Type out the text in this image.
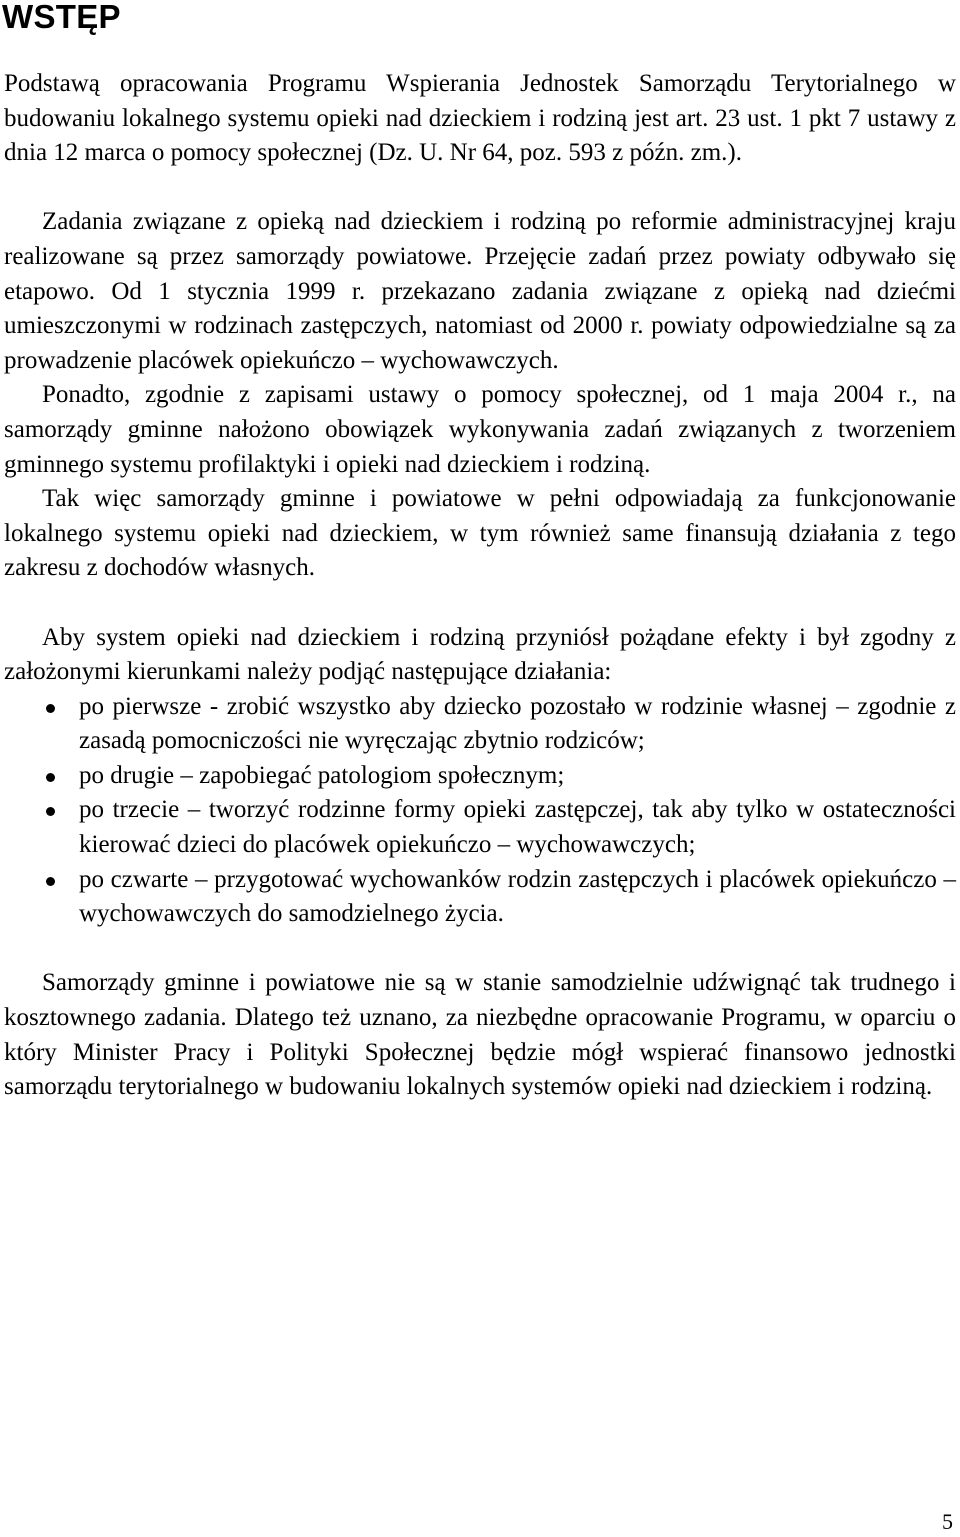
WSTĘP

Podstawą opracowania Programu Wspierania Jednostek Samorządu Terytorialnego w budowaniu lokalnego systemu opieki nad dzieckiem i rodziną jest art. 23 ust. 1 pkt 7 ustawy z dnia 12 marca o pomocy społecznej (Dz. U. Nr 64, poz. 593 z późn. zm.).

Zadania związane z opieką nad dzieckiem i rodziną po reformie administracyjnej kraju realizowane są przez samorządy powiatowe. Przejęcie zadań przez powiaty odbywało się etapowo. Od 1 stycznia 1999 r. przekazano zadania związane z opieką nad dziećmi umieszczonymi w rodzinach zastępczych, natomiast od 2000 r. powiaty odpowiedzialne są za prowadzenie placówek opiekuńczo – wychowawczych.

Ponadto, zgodnie z zapisami ustawy o pomocy społecznej, od 1 maja 2004 r., na samorządy gminne nałożono obowiązek wykonywania zadań związanych z tworzeniem gminnego systemu profilaktyki i opieki nad dzieckiem i rodziną.

Tak więc samorządy gminne i powiatowe w pełni odpowiadają za funkcjonowanie lokalnego systemu opieki nad dzieckiem, w tym również same finansują działania z tego zakresu z dochodów własnych.

Aby system opieki nad dzieckiem i rodziną przyniósł pożądane efekty i był zgodny z założonymi kierunkami należy podjąć następujące działania:

po pierwsze - zrobić wszystko aby dziecko pozostało w rodzinie własnej – zgodnie z zasadą pomocniczości nie wyręczając zbytnio rodziców;
po drugie – zapobiegać patologiom społecznym;
po trzecie – tworzyć rodzinne formy opieki zastępczej, tak aby tylko w ostateczności kierować dzieci do placówek opiekuńczo – wychowawczych;
po czwarte – przygotować wychowanków rodzin zastępczych i placówek opiekuńczo – wychowawczych do samodzielnego życia.

Samorządy gminne i powiatowe nie są w stanie samodzielnie udźwignąć tak trudnego i kosztownego zadania. Dlatego też uznano, za niezbędne opracowanie Programu, w oparciu o który Minister Pracy i Polityki Społecznej będzie mógł wspierać finansowo jednostki samorządu terytorialnego w budowaniu lokalnych systemów opieki nad dzieckiem i rodziną.

5
